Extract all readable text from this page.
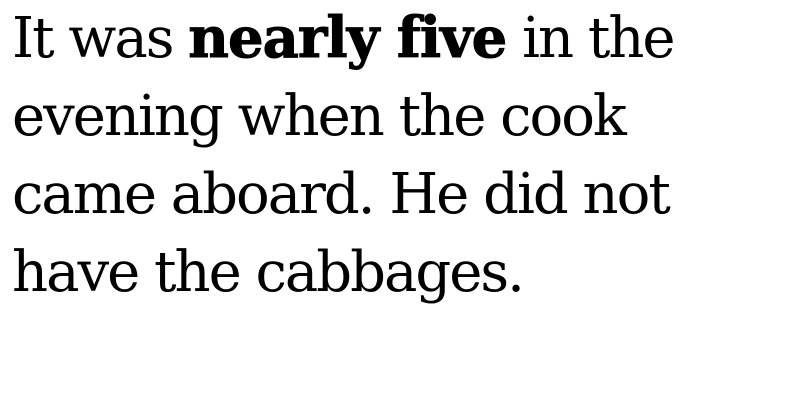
It was nearly five in the
evening when the cook
came aboard. He did not
have the cabbages.
